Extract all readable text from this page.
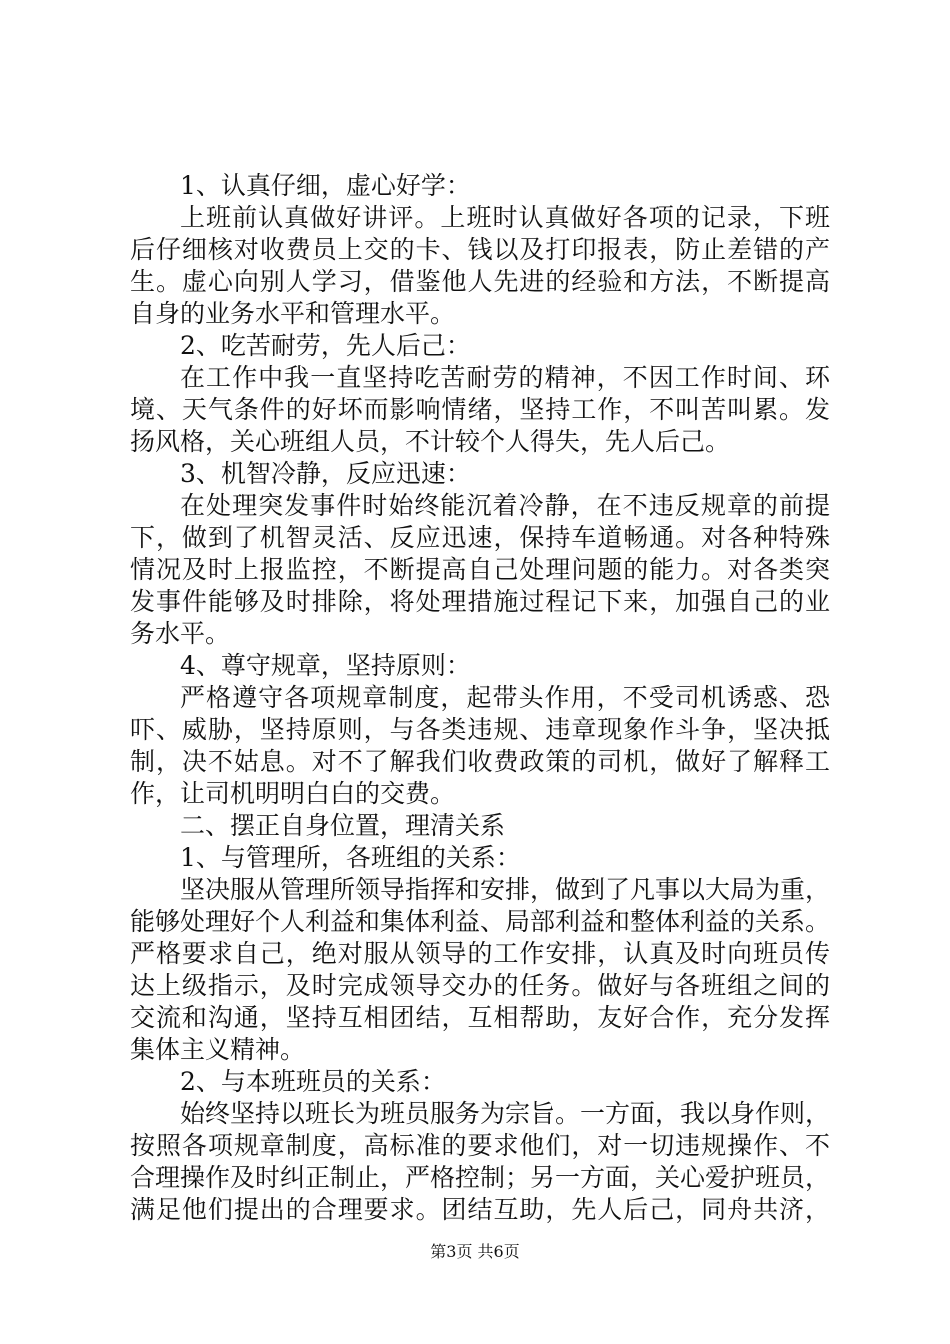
1、认真仔细，虚心好学：
上班前认真做好讲评。上班时认真做好各项的记录，下班
后仔细核对收费员上交的卡、钱以及打印报表，防止差错的产
生。虚心向别人学习，借鉴他人先进的经验和方法，不断提高
自身的业务水平和管理水平。
2、吃苦耐劳，先人后己：
在工作中我一直坚持吃苦耐劳的精神，不因工作时间、环
境、天气条件的好坏而影响情绪，坚持工作，不叫苦叫累。发
扬风格，关心班组人员，不计较个人得失，先人后己。
3、机智冷静，反应迅速：
在处理突发事件时始终能沉着冷静，在不违反规章的前提
下，做到了机智灵活、反应迅速，保持车道畅通。对各种特殊
情况及时上报监控，不断提高自己处理问题的能力。对各类突
发事件能够及时排除，将处理措施过程记下来，加强自己的业
务水平。
4、尊守规章，坚持原则：
严格遵守各项规章制度，起带头作用，不受司机诱惑、恐
吓、威胁，坚持原则，与各类违规、违章现象作斗争，坚决抵
制，决不姑息。对不了解我们收费政策的司机，做好了解释工
作，让司机明明白白的交费。
二、摆正自身位置，理清关系
1、与管理所，各班组的关系：
坚决服从管理所领导指挥和安排，做到了凡事以大局为重，
能够处理好个人利益和集体利益、局部利益和整体利益的关系。
严格要求自己，绝对服从领导的工作安排，认真及时向班员传
达上级指示，及时完成领导交办的任务。做好与各班组之间的
交流和沟通，坚持互相团结，互相帮助，友好合作，充分发挥
集体主义精神。
2、与本班班员的关系：
始终坚持以班长为班员服务为宗旨。一方面，我以身作则，
按照各项规章制度，高标准的要求他们，对一切违规操作、不
合理操作及时纠正制止，严格控制；另一方面，关心爱护班员，
满足他们提出的合理要求。团结互助，先人后己，同舟共济，
第3页 共6页
